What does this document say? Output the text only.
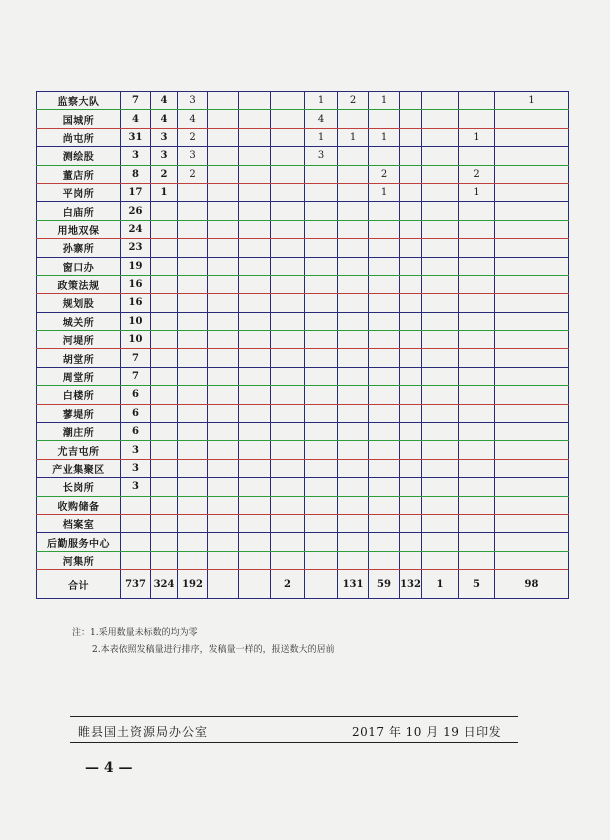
监察大队	7	4	3				1	2	1				1	
国城所	4	4	4				4							
尚屯所	31	3	2				1	1	1			1		
测绘股	3	3	3				3							
董店所	8	2	2						2			2		
平岗所	17	1							1			1		
白庙所	26													
用地双保	24													
孙寨所	23													
窗口办	19													
政策法规	16													
规划股	16													
城关所	10													
河堤所	10													
胡堂所	7													
周堂所	7													
白楼所	6													
蓼堤所	6													
潮庄所	6													
尤吉屯所	3													
产业集聚区	3													
长岗所	3													
收购储备														
档案室														
后勤服务中心														
河集所														
合计	737	324	192			2		131	59	132	1	5	98	
注：1.采用数量未标数的均为零
2.本表依照发稿量进行排序，发稿量一样的，报送数大的居前
睢县国土资源局办公室	2017 年 10 月 19 日印发
— 4 —
